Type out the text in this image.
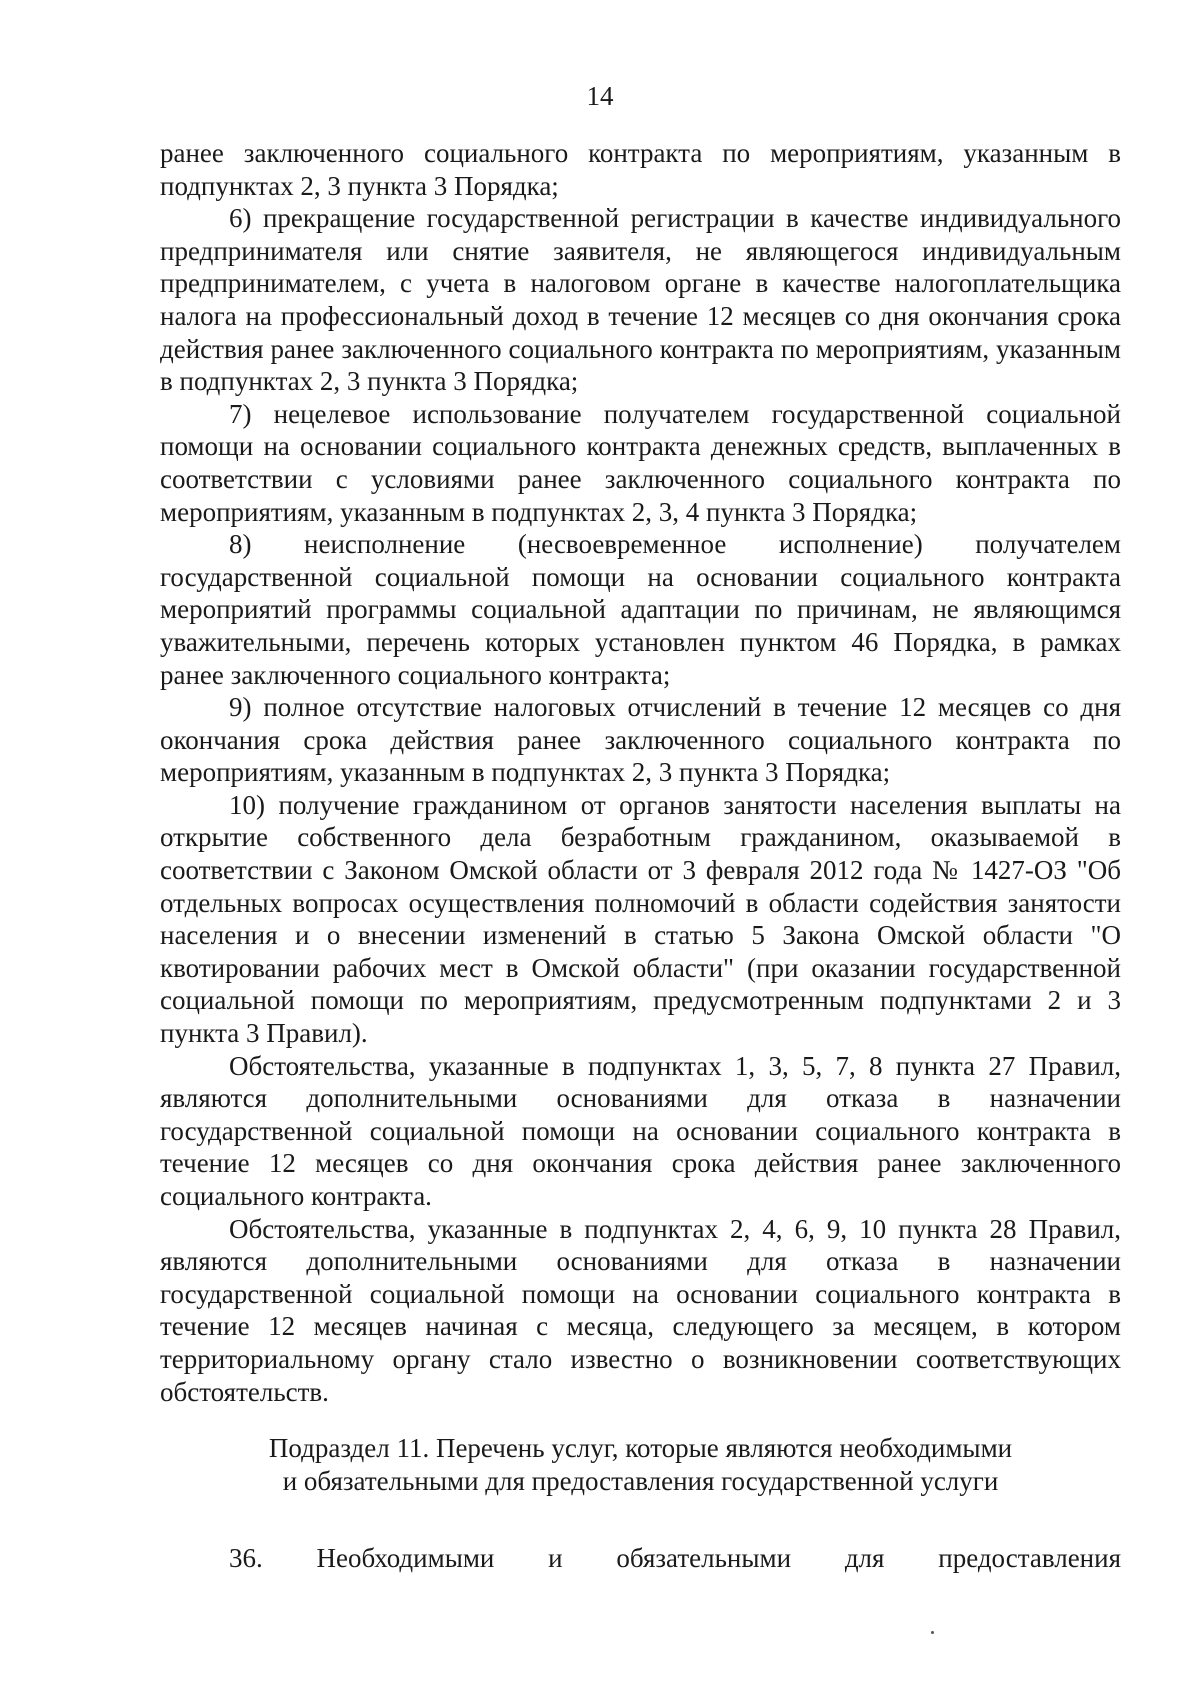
14

ранее заключенного социального контракта по мероприятиям, указанным в подпунктах 2, 3 пункта 3 Порядка;

6) прекращение государственной регистрации в качестве индивидуального предпринимателя или снятие заявителя, не являющегося индивидуальным предпринимателем, с учета в налоговом органе в качестве налогоплательщика налога на профессиональный доход в течение 12 месяцев со дня окончания срока действия ранее заключенного социального контракта по мероприятиям, указанным в подпунктах 2, 3 пункта 3 Порядка;

7) нецелевое использование получателем государственной социальной помощи на основании социального контракта денежных средств, выплаченных в соответствии с условиями ранее заключенного социального контракта по мероприятиям, указанным в подпунктах 2, 3, 4 пункта 3 Порядка;

8) неисполнение (несвоевременное исполнение) получателем государственной социальной помощи на основании социального контракта мероприятий программы социальной адаптации по причинам, не являющимся уважительными, перечень которых установлен пунктом 46 Порядка, в рамках ранее заключенного социального контракта;

9) полное отсутствие налоговых отчислений в течение 12 месяцев со дня окончания срока действия ранее заключенного социального контракта по мероприятиям, указанным в подпунктах 2, 3 пункта 3 Порядка;

10) получение гражданином от органов занятости населения выплаты на открытие собственного дела безработным гражданином, оказываемой в соответствии с Законом Омской области от 3 февраля 2012 года № 1427-ОЗ "Об отдельных вопросах осуществления полномочий в области содействия занятости населения и о внесении изменений в статью 5 Закона Омской области "О квотировании рабочих мест в Омской области" (при оказании государственной социальной помощи по мероприятиям, предусмотренным подпунктами 2 и 3 пункта 3 Правил).

Обстоятельства, указанные в подпунктах 1, 3, 5, 7, 8 пункта 27 Правил, являются дополнительными основаниями для отказа в назначении государственной социальной помощи на основании социального контракта в течение 12 месяцев со дня окончания срока действия ранее заключенного социального контракта.

Обстоятельства, указанные в подпунктах 2, 4, 6, 9, 10 пункта 28 Правил, являются дополнительными основаниями для отказа в назначении государственной социальной помощи на основании социального контракта в течение 12 месяцев начиная с месяца, следующего за месяцем, в котором территориальному органу стало известно о возникновении соответствующих обстоятельств.

Подраздел 11. Перечень услуг, которые являются необходимыми
и обязательными для предоставления государственной услуги
36. Необходимыми и обязательными для предоставления
